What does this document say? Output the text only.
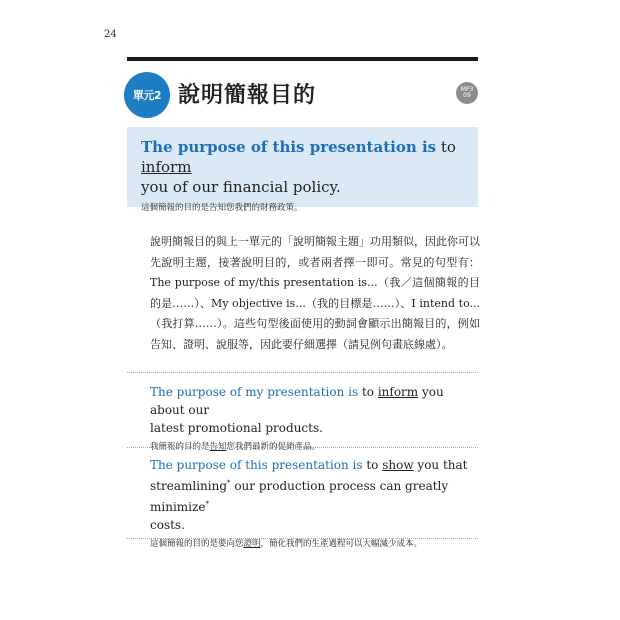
24
單元2 說明簡報目的	MP3
09
The purpose of this presentation is to inform
you of our financial policy.
這個簡報的目的是告知您我們的財務政策。
說明簡報目的與上一單元的「說明簡報主題」功用類似，因此你可以先說明主題，接著說明目的，或者兩者擇一即可。常見的句型有：The purpose of my/this presentation is...（我／這個簡報的目的是……）、My objective is...（我的目標是……）、I intend to...（我打算……）。這些句型後面使用的動詞會顯示出簡報目的，例如告知、證明、說服等，因此要仔細選擇（請見例句畫底線處）。
The purpose of my presentation is to inform you about our
latest promotional products.
我簡報的目的是告知您我們最新的促銷產品。
The purpose of this presentation is to show you that
streamlining* our production process can greatly minimize*
costs.
這個簡報的目的是要向您證明，簡化我們的生產過程可以大幅減少成本。
